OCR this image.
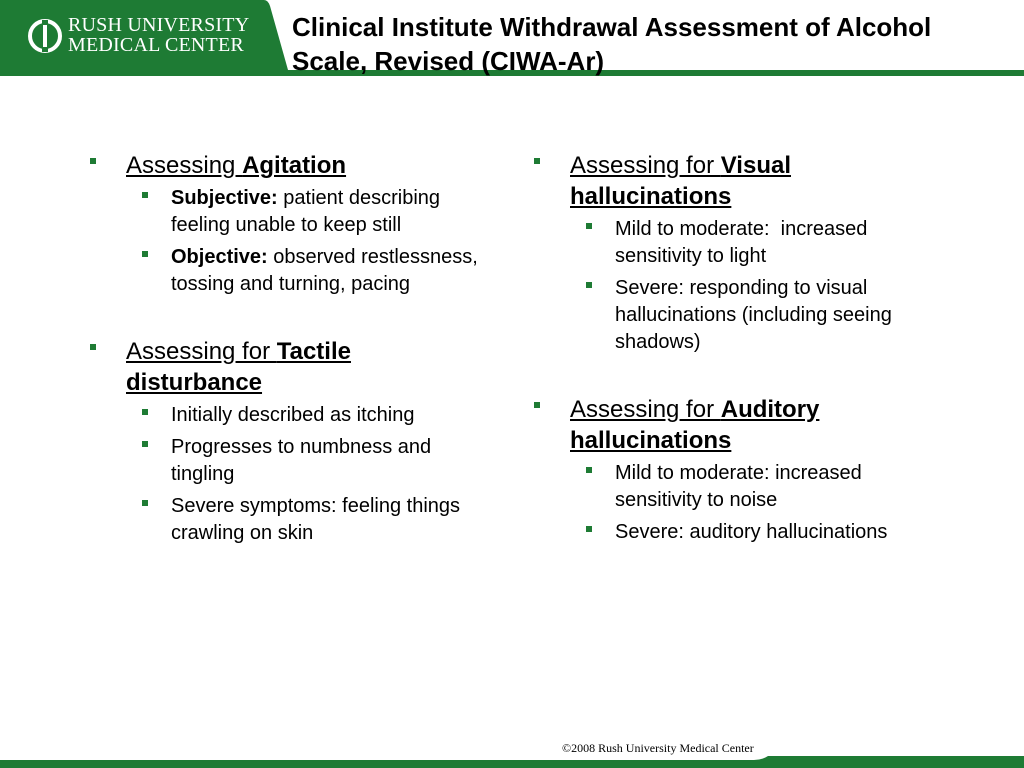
RUSH UNIVERSITY
MEDICAL CENTER
Clinical Institute Withdrawal Assessment of Alcohol Scale, Revised (CIWA-Ar)
Assessing Agitation
Subjective: patient describing feeling unable to keep still
Objective: observed restlessness, tossing and turning, pacing
Assessing for Tactile disturbance
Initially described as itching
Progresses to numbness and tingling
Severe symptoms: feeling things crawling on skin
Assessing for Visual hallucinations
Mild to moderate:  increased sensitivity to light
Severe: responding to visual hallucinations (including seeing shadows)
Assessing for Auditory hallucinations
Mild to moderate: increased sensitivity to noise
Severe: auditory hallucinations
©2008 Rush University Medical Center
